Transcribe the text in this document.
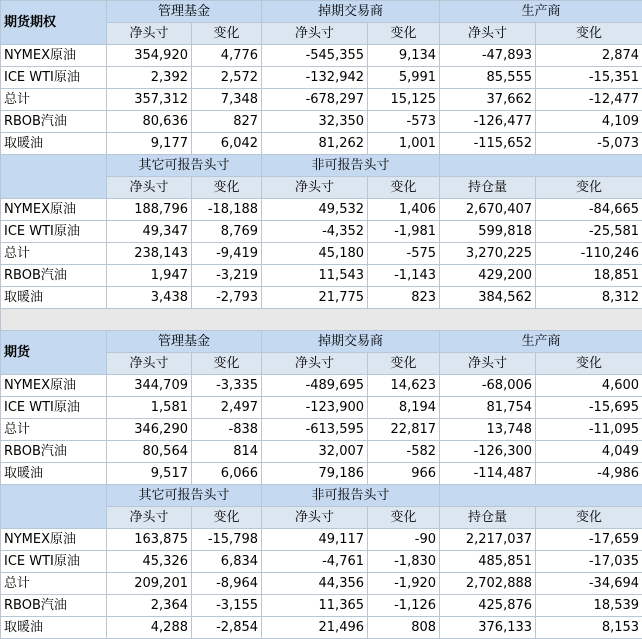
期货期权	管理基金		掉期交易商		生产商	
	净头寸	变化	净头寸	变化	净头寸	变化
NYMEX原油	354,920	4,776	-545,355	9,134	-47,893	2,874
ICE WTI原油	2,392	2,572	-132,942	5,991	85,555	-15,351
总计	357,312	7,348	-678,297	15,125	37,662	-12,477
RBOB汽油	80,636	827	32,350	-573	-126,477	4,109
取暖油	9,177	6,042	81,262	1,001	-115,652	-5,073
	其它可报告头寸		非可报告头寸			
	净头寸	变化	净头寸	变化	持仓量	变化
NYMEX原油	188,796	-18,188	49,532	1,406	2,670,407	-84,665
ICE WTI原油	49,347	8,769	-4,352	-1,981	599,818	-25,581
总计	238,143	-9,419	45,180	-575	3,270,225	-110,246
RBOB汽油	1,947	-3,219	11,543	-1,143	429,200	18,851
取暖油	3,438	-2,793	21,775	823	384,562	8,312

期货	管理基金		掉期交易商		生产商	
	净头寸	变化	净头寸	变化	净头寸	变化
NYMEX原油	344,709	-3,335	-489,695	14,623	-68,006	4,600
ICE WTI原油	1,581	2,497	-123,900	8,194	81,754	-15,695
总计	346,290	-838	-613,595	22,817	13,748	-11,095
RBOB汽油	80,564	814	32,007	-582	-126,300	4,049
取暖油	9,517	6,066	79,186	966	-114,487	-4,986
	其它可报告头寸		非可报告头寸			
	净头寸	变化	净头寸	变化	持仓量	变化
NYMEX原油	163,875	-15,798	49,117	-90	2,217,037	-17,659
ICE WTI原油	45,326	6,834	-4,761	-1,830	485,851	-17,035
总计	209,201	-8,964	44,356	-1,920	2,702,888	-34,694
RBOB汽油	2,364	-3,155	11,365	-1,126	425,876	18,539
取暖油	4,288	-2,854	21,496	808	376,133	8,153
